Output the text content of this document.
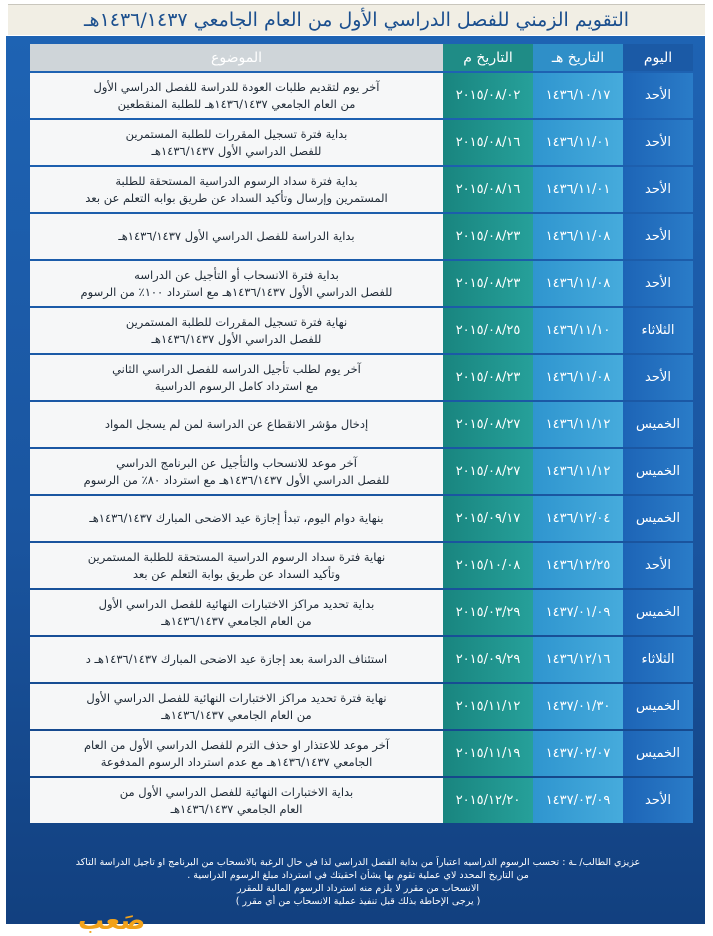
التقويم الزمني للفصل الدراسي الأول من العام الجامعي ١٤٣٦/١٤٣٧هـ
اليوم	التاريخ هـ	التاريخ م	الموضوع
الأحد	١٤٣٦/١٠/١٧	٢٠١٥/٠٨/٠٢	آخر يوم لتقديم طلبات العودة للدراسة للفصل الدراسي الأول
من العام الجامعي ١٤٣٦/١٤٣٧هـ للطلبة المنقطعين

الأحد	١٤٣٦/١١/٠١	٢٠١٥/٠٨/١٦	بداية فترة تسجيل المقررات للطلبة المستمرين
للفصل الدراسي الأول ١٤٣٦/١٤٣٧هـ

الأحد	١٤٣٦/١١/٠١	٢٠١٥/٠٨/١٦	بداية فترة سداد الرسوم الدراسية المستحقة للطلبة
المستمرين وإرسال وتأكيد السداد عن طريق بوابه التعلم عن بعد

الأحد	١٤٣٦/١١/٠٨	٢٠١٥/٠٨/٢٣	بداية الدراسة للفصل الدراسي الأول ١٤٣٦/١٤٣٧هـ

الأحد	١٤٣٦/١١/٠٨	٢٠١٥/٠٨/٢٣	بداية فترة الانسحاب أو التأجيل عن الدراسه
للفصل الدراسي الأول ١٤٣٦/١٤٣٧هـ مع استرداد ١٠٠٪ من الرسوم

الثلاثاء	١٤٣٦/١١/١٠	٢٠١٥/٠٨/٢٥	نهاية فترة تسجيل المقررات للطلبة المستمرين
للفصل الدراسي الأول ١٤٣٦/١٤٣٧هـ

الأحد	١٤٣٦/١١/٠٨	٢٠١٥/٠٨/٢٣	آخر يوم لطلب تأجيل الدراسه للفصل الدراسي الثاني
مع استرداد كامل الرسوم الدراسية

الخميس	١٤٣٦/١١/١٢	٢٠١٥/٠٨/٢٧	إدخال مؤشر الانقطاع عن الدراسة لمن لم يسجل المواد

الخميس	١٤٣٦/١١/١٢	٢٠١٥/٠٨/٢٧	آخر موعد للانسحاب والتأجيل عن البرنامج الدراسي
للفصل الدراسي الأول ١٤٣٦/١٤٣٧هـ مع استرداد ٨٠٪ من الرسوم

الخميس	١٤٣٦/١٢/٠٤	٢٠١٥/٠٩/١٧	بنهاية دوام اليوم، تبدأ إجازة عيد الاضحى المبارك ١٤٣٦/١٤٣٧هـ

الأحد	١٤٣٦/١٢/٢٥	٢٠١٥/١٠/٠٨	نهاية فترة سداد الرسوم الدراسية المستحقة للطلبة المستمرين
وتأكيد السداد عن طريق بوابة التعلم عن بعد

الخميس	١٤٣٧/٠١/٠٩	٢٠١٥/٠٣/٢٩	بداية تحديد مراكز الاختبارات النهائية للفصل الدراسي الأول
من العام الجامعي ١٤٣٦/١٤٣٧هـ

الثلاثاء	١٤٣٦/١٢/١٦	٢٠١٥/٠٩/٢٩	استئناف الدراسة بعد إجازة عيد الاضحى المبارك ١٤٣٦/١٤٣٧هـ د

الخميس	١٤٣٧/٠١/٣٠	٢٠١٥/١١/١٢	نهاية فترة تحديد مراكز الاختبارات النهائية للفصل الدراسي الأول
من العام الجامعي ١٤٣٦/١٤٣٧هـ

الخميس	١٤٣٧/٠٢/٠٧	٢٠١٥/١١/١٩	آخر موعد للاعتذار او حذف الترم للفصل الدراسي الأول من العام
الجامعي ١٤٣٦/١٤٣٧هـ مع عدم استرداد الرسوم المدفوعة

الأحد	١٤٣٧/٠٣/٠٩	٢٠١٥/١٢/٢٠	بداية الاختبارات النهائية للفصل الدراسي الأول من
العام الجامعي ١٤٣٦/١٤٣٧هـ
عزيزي الطالب/ ـة : تحسب الرسوم الدراسيه اعتباراً من بداية الفصل الدراسي لذا في حال الرغبة بالانسحاب من البرنامج او تاجيل الدراسة التاكد
من التاريخ المحدد لاي عملية تقوم بها يشأن احقيتك في استرداد مبلغ الرسوم الدراسية .
الانسحاب من مقرر لا يلزم منه استرداد الرسوم المالية للمقرر
( يرجى الإحاطة بذلك قبل تنفيذ عملية الانسحاب من أي مقرر )
صَعب
